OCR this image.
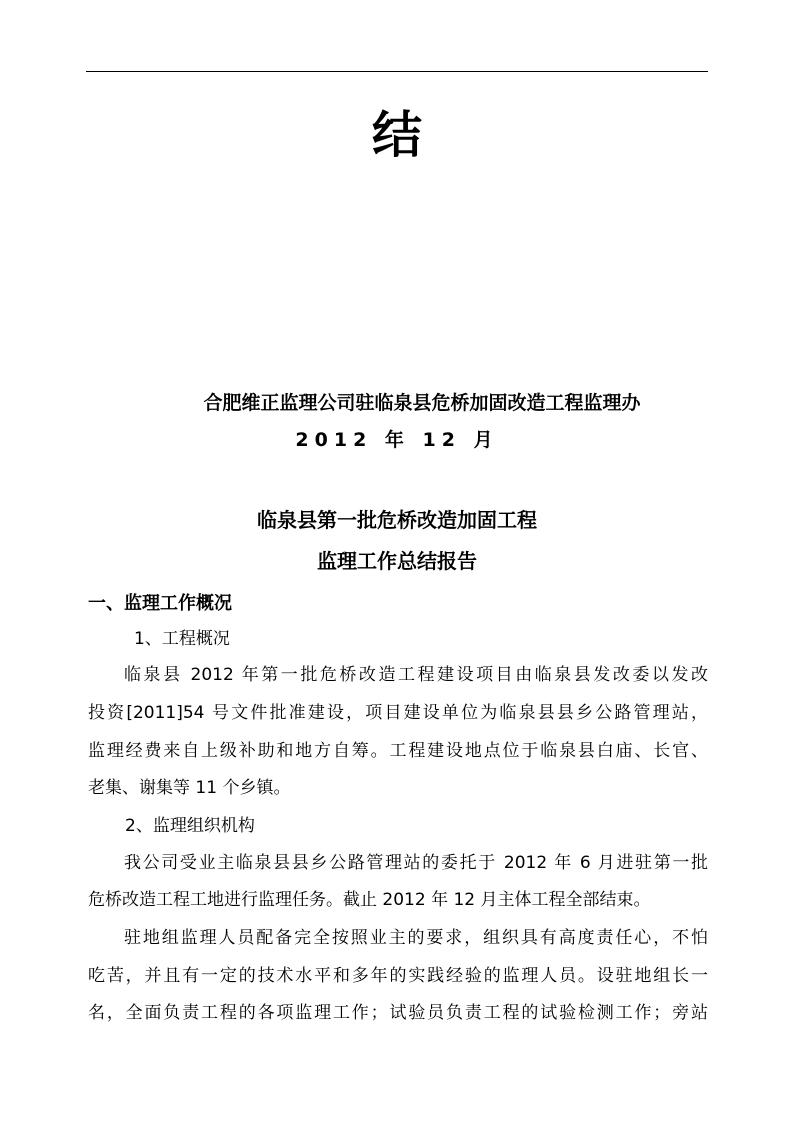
结
合肥维正监理公司驻临泉县危桥加固改造工程监理办
2012 年 12 月
临泉县第一批危桥改造加固工程
监理工作总结报告
一、监理工作概况
1、工程概况
临泉县 2012 年第一批危桥改造工程建设项目由临泉县发改委以发改
投资[2011]54 号文件批准建设，项目建设单位为临泉县县乡公路管理站，
监理经费来自上级补助和地方自筹。工程建设地点位于临泉县白庙、长官、
老集、谢集等 11 个乡镇。
2、监理组织机构
我公司受业主临泉县县乡公路管理站的委托于 2012 年 6 月进驻第一批
危桥改造工程工地进行监理任务。截止 2012 年 12 月主体工程全部结束。
驻地组监理人员配备完全按照业主的要求，组织具有高度责任心，不怕
吃苦，并且有一定的技术水平和多年的实践经验的监理人员。设驻地组长一
名，全面负责工程的各项监理工作；试验员负责工程的试验检测工作；旁站
